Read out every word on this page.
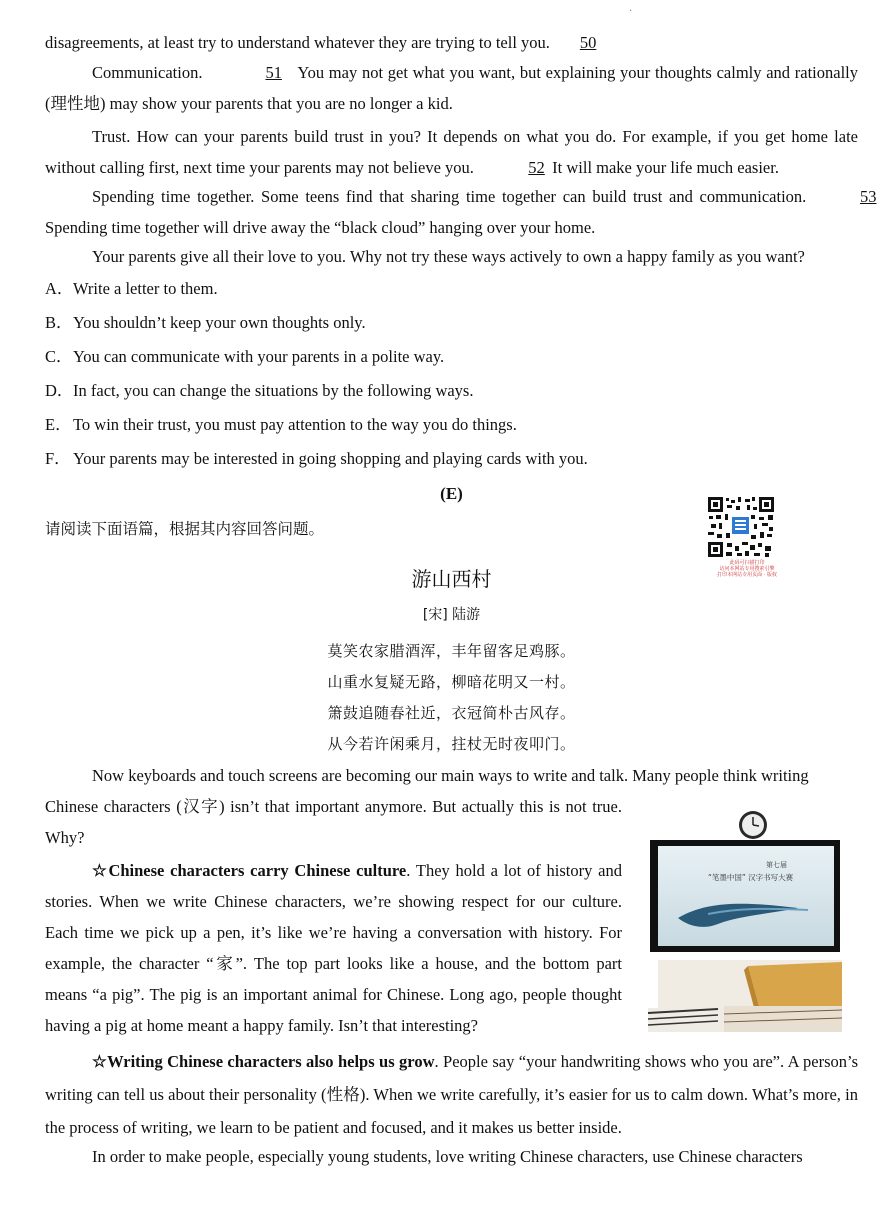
·

disagreements, at least try to understand whatever they are trying to tell you. 50

Communication.	51 You may not get what you want, but explaining your thoughts calmly and rationally (理性地) may show your parents that you are no longer a kid.

Trust. How can your parents build trust in you? It depends on what you do. For example, if you get home late without calling first, next time your parents may not believe you.	52 It will make your life much easier.

Spending time together. Some teens find that sharing time together can build trust and communication.	53 Spending time together will drive away the “black cloud” hanging over your home.

Your parents give all their love to you. Why not try these ways actively to own a happy family as you want?

A．Write a letter to them.
B．You shouldn’t keep your own thoughts only.
C．You can communicate with your parents in a polite way.
D．In fact, you can change the situations by the following ways.
E．To win their trust, you must pay attention to the way you do things.
F． Your parents may be interested in going shopping and playing cards with you.
(E)
请阅读下面语篇，根据其内容回答问题。
游山西村
[宋] 陆游
莫笑农家腊酒浑，丰年留客足鸡豚。
山重水复疑无路，柳暗花明又一村。
箫鼓追随春社近，衣冠简朴古风存。
从今若许闲乘月，拄杖无时夜叩门。

Now keyboards and touch screens are becoming our main ways to write and talk. Many people think writing
Chinese characters (汉字) isn’t that important anymore. But actually this is not true. Why?

☆Chinese characters carry Chinese culture. They hold a lot of history and stories. When we write Chinese characters, we’re showing respect for our culture. Each time we pick up a pen, it’s like we’re having a conversation with history. For example, the character “家”. The top part looks like a house, and the bottom part means “a pig”. The pig is an important animal for Chinese. Long ago, people thought having a pig at home meant a happy family. Isn’t that interesting?

☆Writing Chinese characters also helps us grow. People say “your handwriting shows who you are”. A person’s writing can tell us about their personality (性格). When we write carefully, it’s easier for us to calm down. What’s more, in the process of writing, we learn to be patient and focused, and it makes us better inside.

In order to make people, especially young students, love writing Chinese characters, use Chinese characters

此码可扫描打印
访问本网站专用搜索引擎
打印本网站专用页面 · 版权
第七届
“笔墨中国” 汉字书写大赛
